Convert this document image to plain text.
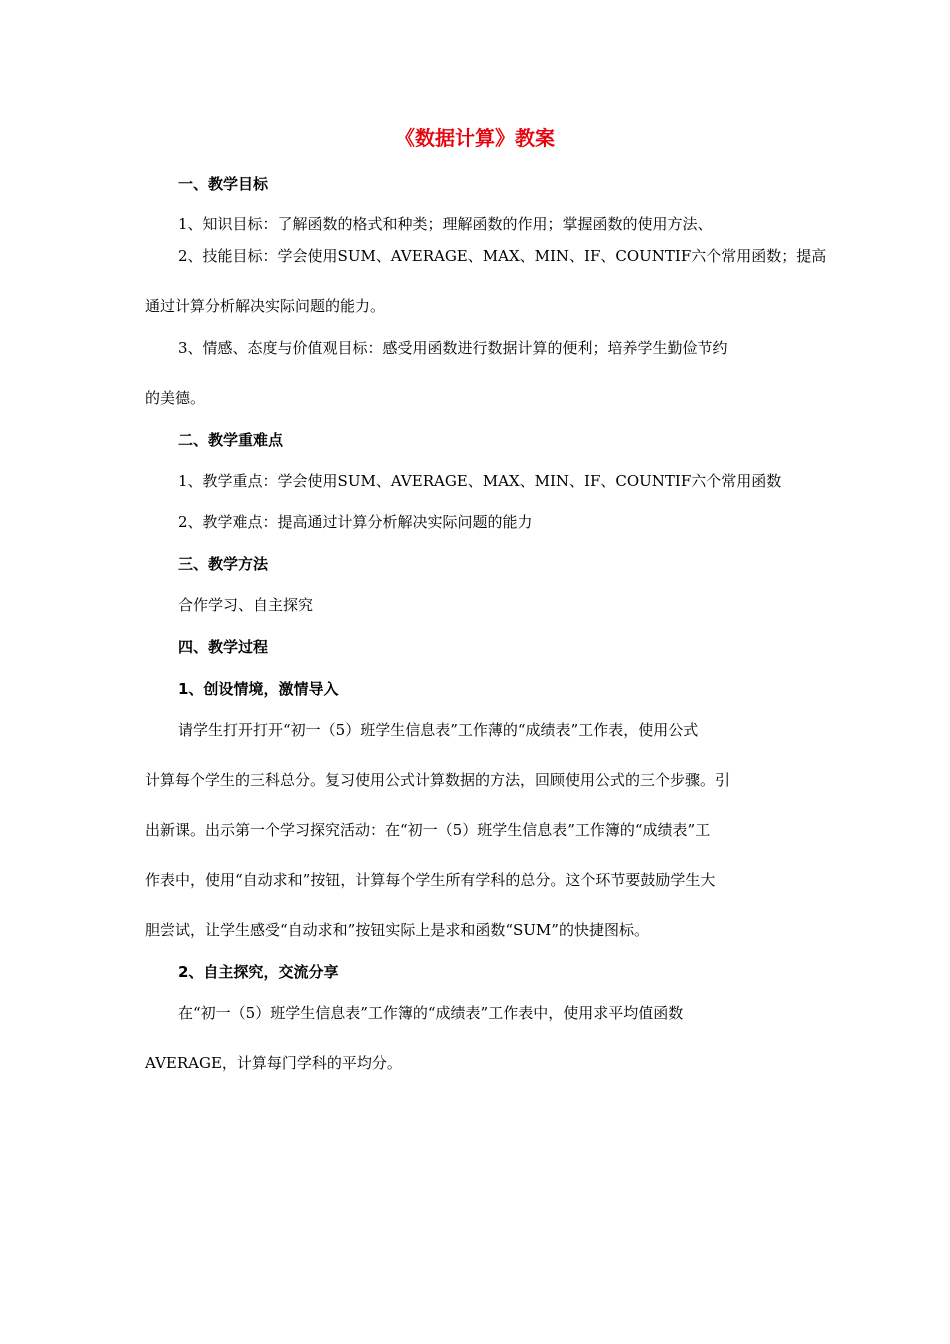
《数据计算》教案
一、教学目标
1、知识目标：了解函数的格式和种类；理解函数的作用；掌握函数的使用方法、
2、技能目标：学会使用SUM、AVERAGE、MAX、MIN、IF、COUNTIF六个常用函数；提高
通过计算分析解决实际问题的能力。
3、情感、态度与价值观目标：感受用函数进行数据计算的便利；培养学生勤俭节约
的美德。
二、教学重难点
1、教学重点：学会使用SUM、AVERAGE、MAX、MIN、IF、COUNTIF六个常用函数
2、教学难点：提高通过计算分析解决实际问题的能力
三、教学方法
合作学习、自主探究
四、教学过程
1、创设情境，激情导入
请学生打开打开“初一（5）班学生信息表”工作薄的“成绩表”工作表，使用公式
计算每个学生的三科总分。复习使用公式计算数据的方法，回顾使用公式的三个步骤。引
出新课。出示第一个学习探究活动：在“初一（5）班学生信息表”工作簿的“成绩表”工
作表中，使用“自动求和”按钮，计算每个学生所有学科的总分。这个环节要鼓励学生大
胆尝试，让学生感受“自动求和”按钮实际上是求和函数“SUM”的快捷图标。
2、自主探究，交流分享
在“初一（5）班学生信息表”工作簿的“成绩表”工作表中，使用求平均值函数
AVERAGE，计算每门学科的平均分。
